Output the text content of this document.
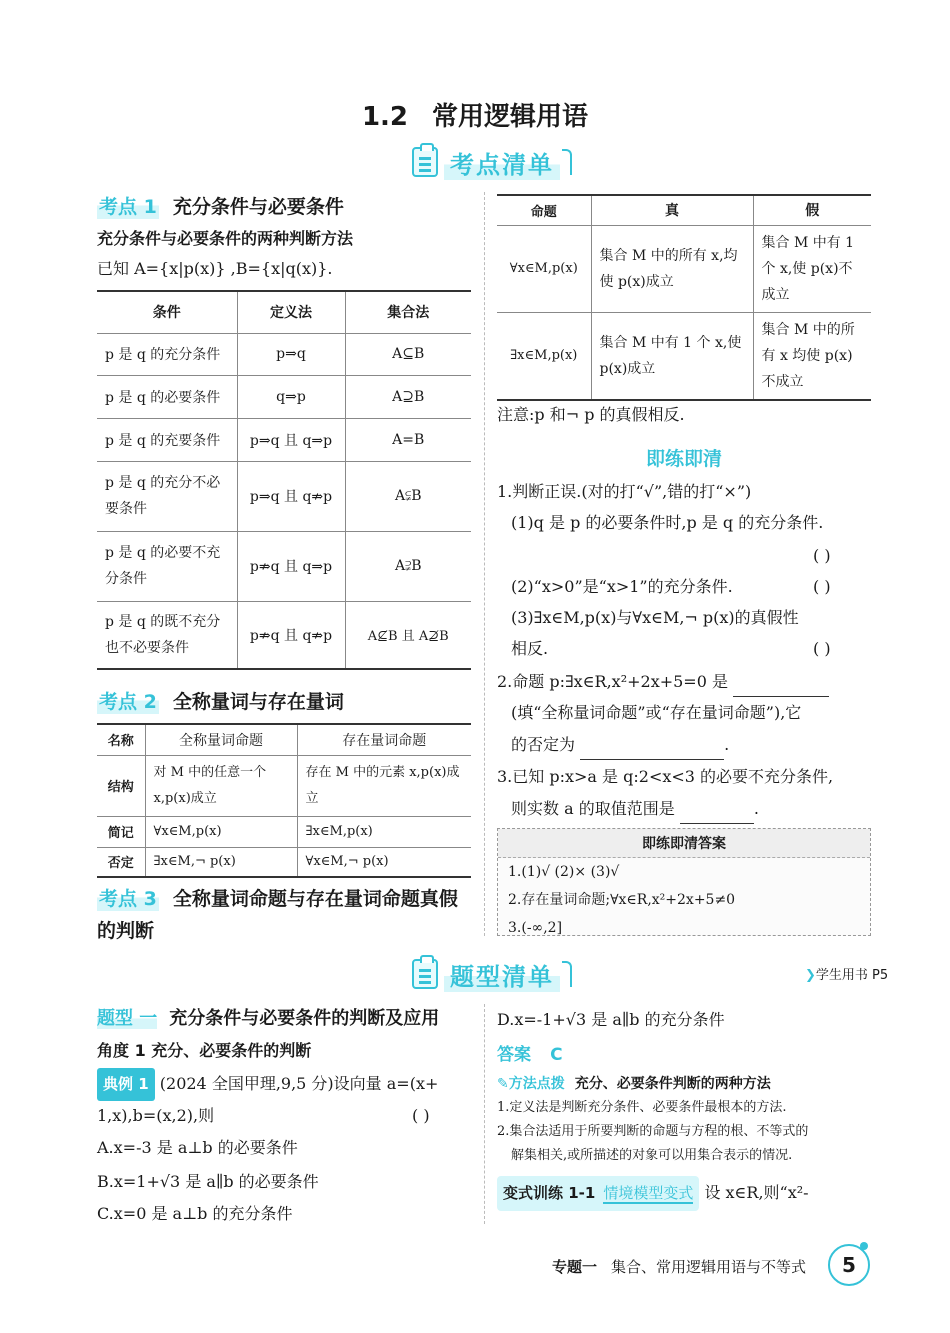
1.2 常用逻辑用语
考点清单
考点 1 充分条件与必要条件
充分条件与必要条件的两种判断方法
已知 A={x|p(x)} ,B={x|q(x)}.
条件	定义法	集合法
p 是 q 的充分条件	p⇒q	A⊆B
p 是 q 的必要条件	q⇒p	A⊇B
p 是 q 的充要条件	p⇒q 且 q⇒p	A=B
p 是 q 的充分不必要条件	p⇒q 且 q⇏p	A⫋B
p 是 q 的必要不充分条件	p⇏q 且 q⇒p	A⫌B
p 是 q 的既不充分也不必要条件	p⇏q 且 q⇏p	A⊈B 且 A⊉B
考点 2 全称量词与存在量词
名称	全称量词命题	存在量词命题
结构	对 M 中的任意一个 x,p(x)成立	存在 M 中的元素 x,p(x)成立
简记	∀x∈M,p(x)	∃x∈M,p(x)
否定	∃x∈M,¬ p(x)	∀x∈M,¬ p(x)
考点 3 全称量词命题与存在量词命题真假
的判断
命题	真	假
∀x∈M,p(x)	集合 M 中的所有 x,均使 p(x)成立	集合 M 中有 1 个 x,使 p(x)不成立
∃x∈M,p(x)	集合 M 中有 1 个 x,使 p(x)成立	集合 M 中的所有 x 均使 p(x)不成立
注意:p 和¬ p 的真假相反.
即练即清
1.判断正误.(对的打“√”,错的打“×”)
(1)q 是 p 的必要条件时,p 是 q 的充分条件.
( )
(2)“x>0”是“x>1”的充分条件.	( )
(3)∃x∈M,p(x)与∀x∈M,¬ p(x)的真假性
相反.	( )
2.命题 p:∃x∈R,x²+2x+5=0 是
(填“全称量词命题”或“存在量词命题”),它
的否定为	.
3.已知 p:x>a 是 q:2<x<3 的必要不充分条件,
则实数 a 的取值范围是	.
即练即清答案
1.(1)√ (2)× (3)√
2.存在量词命题;∀x∈R,x²+2x+5≠0
3.(-∞,2]
题型清单	❯学生用书 P5
题型 一 充分条件与必要条件的判断及应用
角度 1 充分、必要条件的判断
典例 1 (2024 全国甲理,9,5 分)设向量 a=(x+
1,x),b=(x,2),则	( )
A.x=-3 是 a⊥b 的必要条件
B.x=1+√3 是 a∥b 的必要条件
C.x=0 是 a⊥b 的充分条件
D.x=-1+√3 是 a∥b 的充分条件
答案 C
✎方法点拨 充分、必要条件判断的两种方法
1.定义法是判断充分条件、必要条件最根本的方法.
2.集合法适用于所要判断的命题与方程的根、不等式的
解集相关,或所描述的对象可以用集合表示的情况.
变式训练 1-1 情境模型变式 设 x∈R,则“x²-
专题一 集合、常用逻辑用语与不等式	5
